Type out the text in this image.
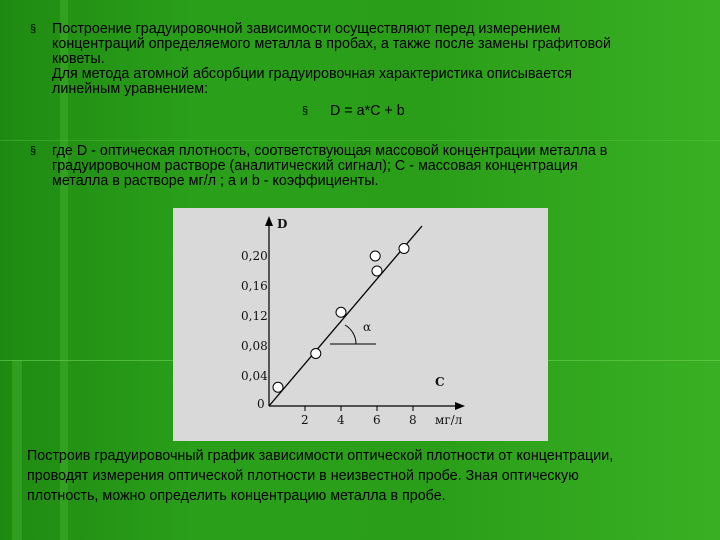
§ Построение градуировочной зависимости осуществляют перед измерением
концентраций определяемого металла в пробах, а также после замены графитовой
кюветы.
Для метода атомной абсорбции градуировочная характеристика описывается
линейным уравнением:
§ D = a*C + b
§ где D - оптическая плотность, соответствующая массовой концентрации металла в
градуировочном растворе (аналитический сигнал); С - массовая концентрация
металла в растворе мг/л ; а и b - коэффициенты.
D
C
мг/л
0
α
2 4 6 8
0,04
0,08
0,12
0,16
0,20
Построив градуировочный график зависимости оптической плотности от концентрации,
проводят измерения оптической плотности в неизвестной пробе. Зная оптическую
плотность, можно определить концентрацию металла в пробе.
